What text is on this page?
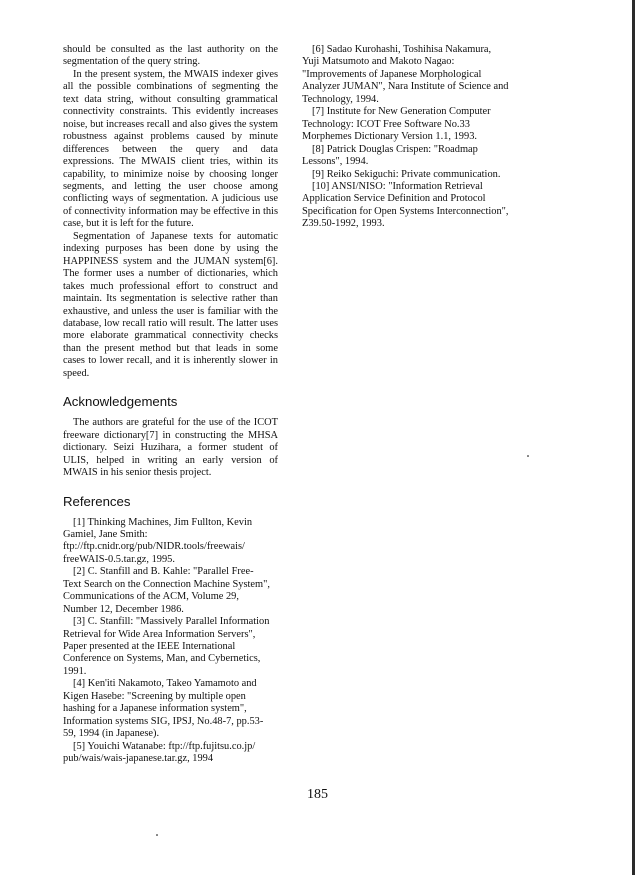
should be consulted as the last authority on the segmentation of the query string.

In the present system, the MWAIS indexer gives all the possible combinations of segmenting the text data string, without consulting grammatical connectivity constraints. This evidently increases noise, but increases recall and also gives the system robustness against problems caused by minute differences between the query and data expressions. The MWAIS client tries, within its capability, to minimize noise by choosing longer segments, and letting the user choose among conflicting ways of segmentation. A judicious use of connectivity information may be effective in this case, but it is left for the future.

Segmentation of Japanese texts for automatic indexing purposes has been done by using the HAPPINESS system and the JUMAN system[6]. The former uses a number of dictionaries, which takes much professional effort to construct and maintain. Its segmentation is selective rather than exhaustive, and unless the user is familiar with the database, low recall ratio will result. The latter uses more elaborate grammatical connectivity checks than the present method but that leads in some cases to lower recall, and it is inherently slower in speed.

Acknowledgements

The authors are grateful for the use of the ICOT freeware dictionary[7] in constructing the MHSA dictionary. Seizi Huzihara, a former student of ULIS, helped in writing an early version of MWAIS in his senior thesis project.

References
[1] Thinking Machines, Jim Fullton, Kevin
Gamiel, Jane Smith:
ftp://ftp.cnidr.org/pub/NIDR.tools/freewais/
freeWAIS-0.5.tar.gz, 1995.
[2] C. Stanfill and B. Kahle: "Parallel Free-
Text Search on the Connection Machine System",
Communications of the ACM, Volume 29,
Number 12, December 1986.
[3] C. Stanfill: "Massively Parallel Information
Retrieval for Wide Area Information Servers",
Paper presented at the IEEE International
Conference on Systems, Man, and Cybernetics,
1991.
[4] Ken'iti Nakamoto, Takeo Yamamoto and
Kigen Hasebe: "Screening by multiple open
hashing for a Japanese information system",
Information systems SIG, IPSJ, No.48-7, pp.53-
59, 1994 (in Japanese).
[5] Youichi Watanabe: ftp://ftp.fujitsu.co.jp/
pub/wais/wais-japanese.tar.gz, 1994
[6] Sadao Kurohashi, Toshihisa Nakamura,
Yuji Matsumoto and Makoto Nagao:
"Improvements of Japanese Morphological
Analyzer JUMAN", Nara Institute of Science and
Technology, 1994.
[7] Institute for New Generation Computer
Technology: ICOT Free Software No.33
Morphemes Dictionary Version 1.1, 1993.
[8] Patrick Douglas Crispen: "Roadmap
Lessons", 1994.
[9] Reiko Sekiguchi: Private communication.
[10] ANSI/NISO: "Information Retrieval
Application Service Definition and Protocol
Specification for Open Systems Interconnection",
Z39.50-1992, 1993.
185
